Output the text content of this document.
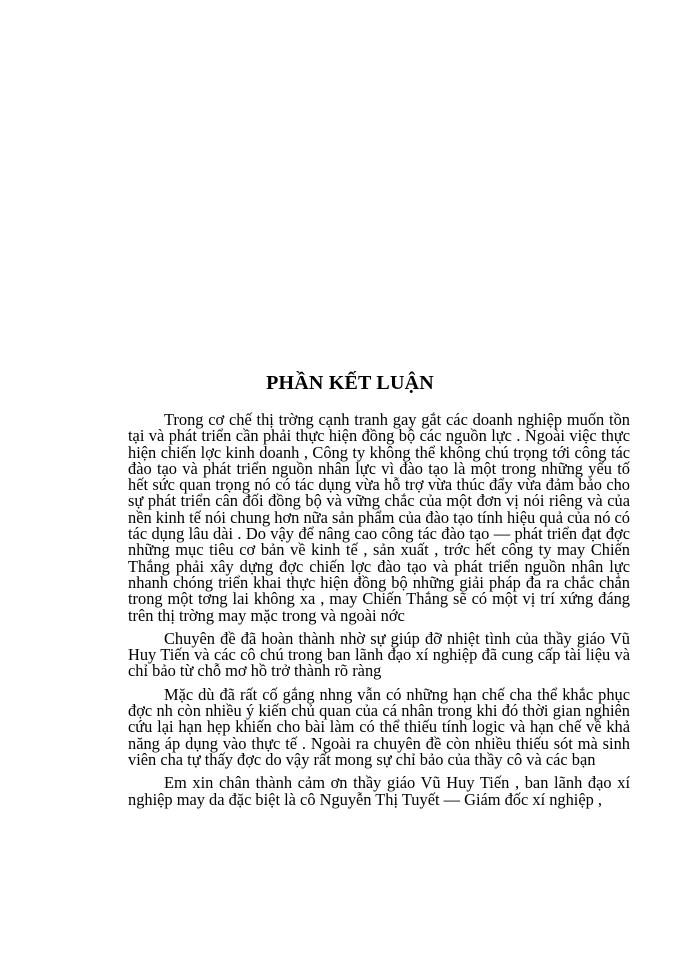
PHẦN KẾT LUẬN

Trong cơ chế thị trờng cạnh tranh gay gắt các doanh nghiệp muốn tồn tại và phát triển cần phải thực hiện đồng bộ các nguồn lực . Ngoài việc thực hiện chiến lợc kinh doanh , Công ty không thể không chú trọng tới công tác đào tạo và phát triển nguồn nhân lực vì đào tạo là một trong những yếu tố hết sức quan trọng nó có tác dụng vừa hỗ trợ vừa thúc đẩy vừa đảm bảo cho sự phát triển cân đối đồng bộ và vững chắc của một đơn vị nói riêng và của nền kinh tế nói chung hơn nữa sản phẩm của đào tạo tính hiệu quả của nó có tác dụng lâu dài . Do vậy để nâng cao công tác đào tạo — phát triển đạt đợc những mục tiêu cơ bản về kinh tế , sản xuất , trớc hết công ty may Chiến Thắng phải xây dựng đợc chiến lợc đào tạo và phát triển nguồn nhân lực nhanh chóng triển khai thực hiện đồng bộ những giải pháp đa ra chắc chắn trong một tơng lai không xa , may Chiến Thắng sẽ có một vị trí xứng đáng trên thị trờng may mặc trong và ngoài nớc

Chuyên đề đã hoàn thành nhờ sự giúp đỡ nhiệt tình của thầy giáo Vũ Huy Tiến và các cô chú trong ban lãnh đạo xí nghiệp đã cung cấp tài liệu và chỉ bảo từ chỗ mơ hồ trở thành rõ ràng

Mặc dù đã rất cố gắng nhng vẫn có những hạn chế cha thể khắc phục đợc nh còn nhiều ý kiến chủ quan của cá nhân trong khi đó thời gian nghiên cứu lại hạn hẹp khiến cho bài làm có thể thiếu tính logic và hạn chế về khả năng áp dụng vào thực tế . Ngoài ra chuyên đề còn nhiều thiếu sót mà sinh viên cha tự thấy đợc do vậy rất mong sự chỉ bảo của thầy cô và các bạn

Em xin chân thành cảm ơn thầy giáo Vũ Huy Tiến , ban lãnh đạo xí nghiệp may da đặc biệt là cô Nguyễn Thị Tuyết — Giám đốc xí nghiệp ,
